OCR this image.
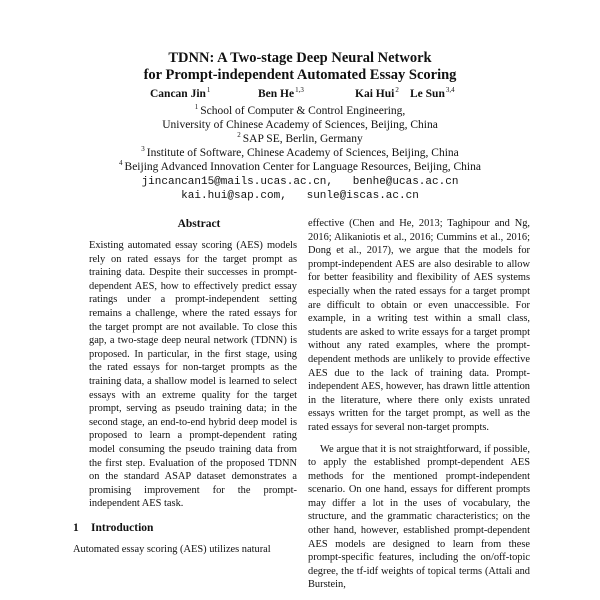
TDNN: A Two-stage Deep Neural Network
for Prompt-independent Automated Essay Scoring
Cancan Jin$^1$	Ben He$^{1,3}$	Kai Hui$^2$ Le Sun$^{3,4}$
$^1$ School of Computer & Control Engineering,
University of Chinese Academy of Sciences, Beijing, China
$^2$ SAP SE, Berlin, Germany
$^3$ Institute of Software, Chinese Academy of Sciences, Beijing, China
$^4$ Beijing Advanced Innovation Center for Language Resources, Beijing, China
jincancan15@mails.ucas.ac.cn,   benhe@ucas.ac.cn
kai.hui@sap.com,   sunle@iscas.ac.cn
Abstract

Existing automated essay scoring (AES) models rely on rated essays for the target prompt as training data. Despite their successes in prompt-dependent AES, how to effectively predict essay ratings under a prompt-independent setting remains a challenge, where the rated essays for the target prompt are not available. To close this gap, a two-stage deep neural network (TDNN) is proposed. In particular, in the first stage, using the rated essays for non-target prompts as the training data, a shallow model is learned to select essays with an extreme quality for the target prompt, serving as pseudo training data; in the second stage, an end-to-end hybrid deep model is proposed to learn a prompt-dependent rating model consuming the pseudo training data from the first step. Evaluation of the proposed TDNN on the standard ASAP dataset demonstrates a promising improvement for the prompt-independent AES task.

1 Introduction

Automated essay scoring (AES) utilizes natural

effective (Chen and He, 2013; Taghipour and Ng, 2016; Alikaniotis et al., 2016; Cummins et al., 2016; Dong et al., 2017), we argue that the models for prompt-independent AES are also desirable to allow for better feasibility and flexibility of AES systems especially when the rated essays for a target prompt are difficult to obtain or even unaccessible. For example, in a writing test within a small class, students are asked to write essays for a target prompt without any rated examples, where the prompt-dependent methods are unlikely to provide effective AES due to the lack of training data. Prompt-independent AES, however, has drawn little attention in the literature, where there only exists unrated essays written for the target prompt, as well as the rated essays for several non-target prompts.

We argue that it is not straightforward, if possible, to apply the established prompt-dependent AES methods for the mentioned prompt-independent scenario. On one hand, essays for different prompts may differ a lot in the uses of vocabulary, the structure, and the grammatic characteristics; on the other hand, however, established prompt-dependent AES models are designed to learn from these prompt-specific features, including the on/off-topic degree, the tf-idf weights of topical terms (Attali and Burstein,
